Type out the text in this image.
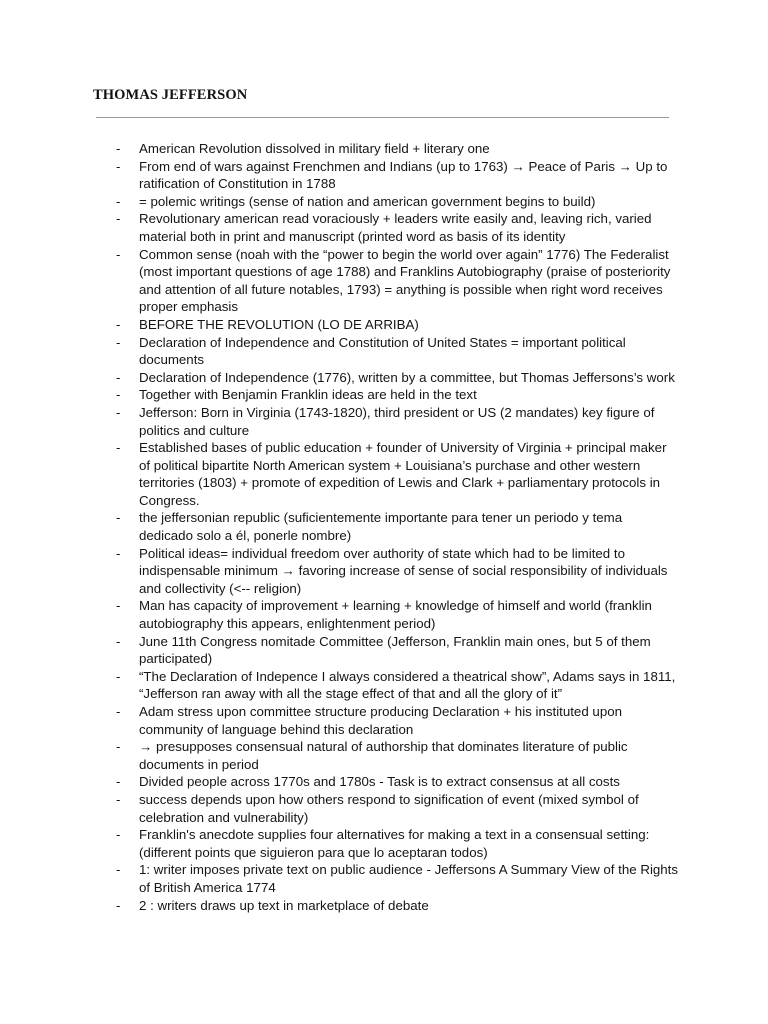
THOMAS JEFFERSON
- American Revolution dissolved in military field + literary one
- From end of wars against Frenchmen and Indians (up to 1763) → Peace of Paris → Up to ratification of Constitution in 1788
- = polemic writings (sense of nation and american government begins to build)
- Revolutionary american read voraciously + leaders write easily and, leaving rich, varied material both in print and manuscript (printed word as basis of its identity
- Common sense (noah with the “power to begin the world over again” 1776) The Federalist (most important questions of age 1788) and Franklins Autobiography (praise of posteriority and attention of all future notables, 1793) = anything is possible when right word receives proper emphasis
- BEFORE THE REVOLUTION (LO DE ARRIBA)
- Declaration of Independence and Constitution of United States = important political documents
- Declaration of Independence (1776), written by a committee, but Thomas Jeffersons’s work
- Together with Benjamin Franklin ideas are held in the text
- Jefferson: Born in Virginia (1743-1820), third president or US (2 mandates) key figure of politics and culture
- Established bases of public education + founder of University of Virginia + principal maker of political bipartite North American system + Louisiana’s purchase and other western territories (1803) + promote of expedition of Lewis and Clark + parliamentary protocols in Congress.
- the jeffersonian republic (suficientemente importante para tener un periodo y tema dedicado solo a él, ponerle nombre)
- Political ideas= individual freedom over authority of state which had to be limited to indispensable minimum → favoring increase of sense of social responsibility of individuals and collectivity (<-- religion)
- Man has capacity of improvement + learning + knowledge of himself and world (franklin autobiography this appears, enlightenment period)
- June 11th Congress nomitade Committee (Jefferson, Franklin main ones, but 5 of them participated)
- “The Declaration of Indepence I always considered a theatrical show”, Adams says in 1811, “Jefferson ran away with all the stage effect of that and all the glory of it”
- Adam stress upon committee structure producing Declaration + his instituted upon community of language behind this declaration
- → presupposes consensual natural of authorship that dominates literature of public documents in period
- Divided people across 1770s and 1780s - Task is to extract consensus at all costs
- success depends upon how others respond to signification of event (mixed symbol of celebration and vulnerability)
- Franklin's anecdote supplies four alternatives for making a text in a consensual setting: (different points que siguieron para que lo aceptaran todos)
- 1: writer imposes private text on public audience - Jeffersons A Summary View of the Rights of British America 1774
- 2 : writers draws up text in marketplace of debate
